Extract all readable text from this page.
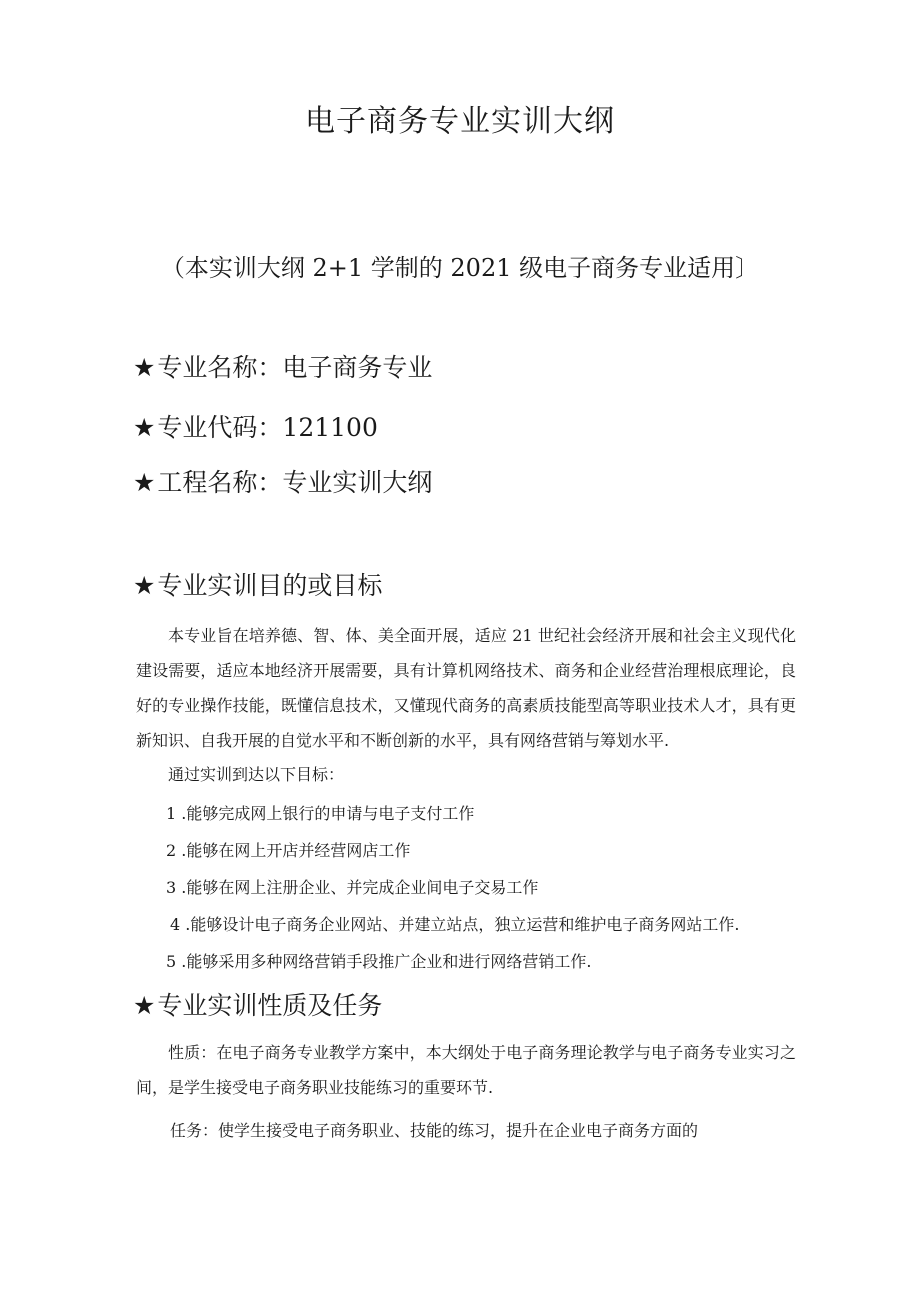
电子商务专业实训大纲
（本实训大纲 2+1 学制的 2021 级电子商务专业适用〕
★专业名称：电子商务专业
★专业代码：121100
★工程名称：专业实训大纲
★专业实训目的或目标
本专业旨在培养德、智、体、美全面开展，适应 21 世纪社会经济开展和社会主义现代化建设需要，适应本地经济开展需要，具有计算机网络技术、商务和企业经营治理根底理论，良好的专业操作技能，既懂信息技术，又懂现代商务的高素质技能型高等职业技术人才，具有更新知识、自我开展的自觉水平和不断创新的水平，具有网络营销与筹划水平.
通过实训到达以下目标：
1 .能够完成网上银行的申请与电子支付工作
2 .能够在网上开店并经营网店工作
3 .能够在网上注册企业、并完成企业间电子交易工作
4 .能够设计电子商务企业网站、并建立站点，独立运营和维护电子商务网站工作.
5 .能够采用多种网络营销手段推广企业和进行网络营销工作.
★专业实训性质及任务
性质：在电子商务专业教学方案中，本大纲处于电子商务理论教学与电子商务专业实习之间，是学生接受电子商务职业技能练习的重要环节.
任务：使学生接受电子商务职业、技能的练习，提升在企业电子商务方面的
